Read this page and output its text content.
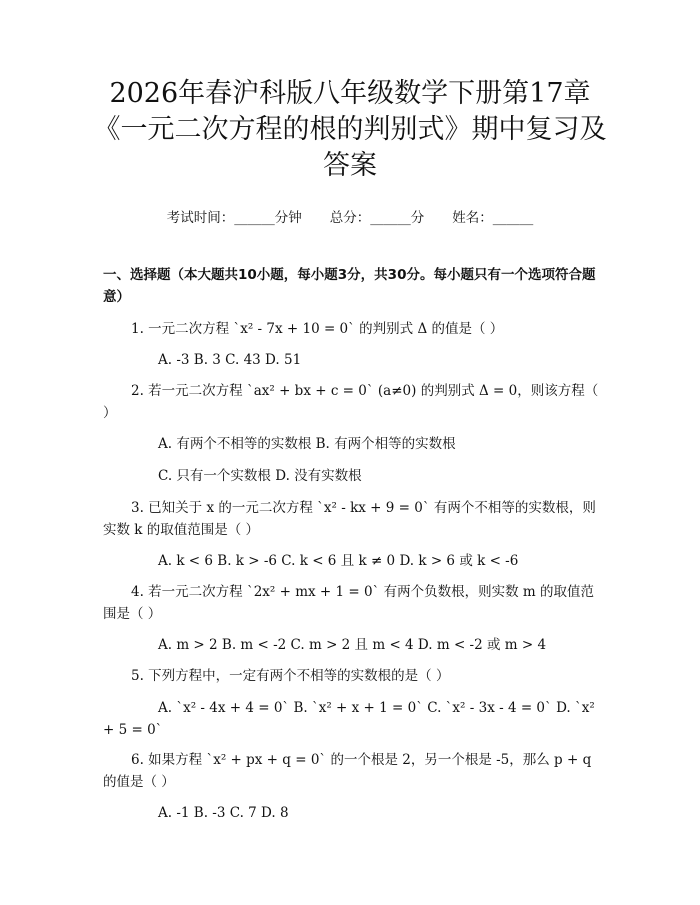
2026年春沪科版八年级数学下册第17章
《一元二次方程的根的判别式》期中复习及
答案
考试时间：______分钟 总分：______分 姓名：______
一、选择题（本大题共10小题，每小题3分，共30分。每小题只有一个选项符合题意）
1. 一元二次方程 `x² - 7x + 10 = 0` 的判别式 Δ 的值是（ ）
A. -3 B. 3 C. 43 D. 51
2. 若一元二次方程 `ax² + bx + c = 0` (a≠0) 的判别式 Δ = 0，则该方程（ ）
A. 有两个不相等的实数根 B. 有两个相等的实数根
C. 只有一个实数根 D. 没有实数根
3. 已知关于 x 的一元二次方程 `x² - kx + 9 = 0` 有两个不相等的实数根，则实数 k 的取值范围是（ ）
A. k < 6 B. k > -6 C. k < 6 且 k ≠ 0 D. k > 6 或 k < -6
4. 若一元二次方程 `2x² + mx + 1 = 0` 有两个负数根，则实数 m 的取值范围是（ ）
A. m > 2 B. m < -2 C. m > 2 且 m < 4 D. m < -2 或 m > 4
5. 下列方程中，一定有两个不相等的实数根的是（ ）
A. `x² - 4x + 4 = 0` B. `x² + x + 1 = 0` C. `x² - 3x - 4 = 0` D. `x² + 5 = 0`
6. 如果方程 `x² + px + q = 0` 的一个根是 2，另一个根是 -5，那么 p + q 的值是（ ）
A. -1 B. -3 C. 7 D. 8
